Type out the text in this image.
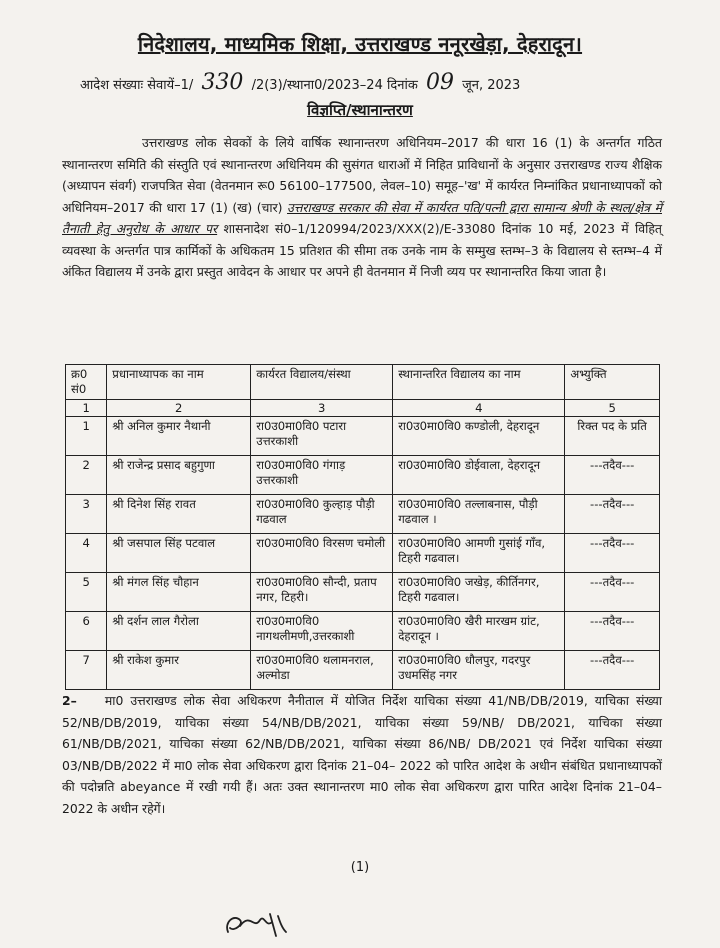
निदेशालय, माध्यमिक शिक्षा, उत्तराखण्ड ननूरखेड़ा, देहरादून।
आदेश संख्याः सेवायें–1/ 330 /2(3)/स्थाना0/2023–24 दिनांक 09 जून, 2023
विज्ञप्ति/स्थानान्तरण
उत्तराखण्ड लोक सेवकों के लिये वार्षिक स्थानान्तरण अधिनियम–2017 की धारा 16 (1) के अन्तर्गत गठित स्थानान्तरण समिति की संस्तुति एवं स्थानान्तरण अधिनियम की सुसंगत धाराओं में निहित प्राविधानों के अनुसार उत्तराखण्ड राज्य शैक्षिक (अध्यापन संवर्ग) राजपत्रित सेवा (वेतनमान रू0 56100–177500, लेवल–10) समूह–'ख' में कार्यरत निम्नांकित प्रधानाध्यापकों को अधिनियम–2017 की धारा 17 (1) (ख) (चार) उत्तराखण्ड सरकार की सेवा में कार्यरत पति/पत्नी द्वारा सामान्य श्रेणी के स्थल/क्षेत्र में तैनाती हेतु अनुरोध के आधार पर शासनादेश सं0–1/120994/2023/XXX(2)/E-33080 दिनांक 10 मई, 2023 में विहित् व्यवस्था के अन्तर्गत पात्र कार्मिकों के अधिकतम 15 प्रतिशत की सीमा तक उनके नाम के सम्मुख स्तम्भ–3 के विद्यालय से स्तम्भ–4 में अंकित विद्यालय में उनके द्वारा प्रस्तुत आवेदन के आधार पर अपने ही वेतनमान में निजी व्यय पर स्थानान्तरित किया जाता है।
क्र0 सं0	प्रधानाध्यापक का नाम	कार्यरत विद्यालय/संस्था	स्थानान्तरित विद्यालय का नाम	अभ्युक्ति
1	2	3	4	5
1	श्री अनिल कुमार नैथानी	रा0उ0मा0वि0 पटारा उत्तरकाशी	रा0उ0मा0वि0 कण्डोली, देहरादून	रिक्त पद के प्रति
2	श्री राजेन्द्र प्रसाद बहुगुणा	रा0उ0मा0वि0 गंगाड़ उत्तरकाशी	रा0उ0मा0वि0 डोईवाला, देहरादून	---तदैव---
3	श्री दिनेश सिंह रावत	रा0उ0मा0वि0 कुल्हाड़ पौड़ी गढवाल	रा0उ0मा0वि0 तल्लाबनास, पौड़ी गढवाल ।	---तदैव---
4	श्री जसपाल सिंह पटवाल	रा0उ0मा0वि0 विरसण चमोली	रा0उ0मा0वि0 आमणी गुसांई गाँव, टिहरी गढवाल।	---तदैव---
5	श्री मंगल सिंह चौहान	रा0उ0मा0वि0 सौन्दी, प्रताप नगर, टिहरी।	रा0उ0मा0वि0 जखेड़, कीर्तिनगर, टिहरी गढवाल।	---तदैव---
6	श्री दर्शन लाल गैरोला	रा0उ0मा0वि0 नागथलीमणी,उत्तरकाशी	रा0उ0मा0वि0 खैरी मारखम ग्रांट, देहरादून ।	---तदैव---
7	श्री राकेश कुमार	रा0उ0मा0वि0 थलामनराल, अल्मोडा	रा0उ0मा0वि0 धौलपुर, गदरपुर उधमसिंह नगर	---तदैव---
2– मा0 उत्तराखण्ड लोक सेवा अधिकरण नैनीताल में योजित निर्देश याचिका संख्या 41/NB/DB/2019, याचिका संख्या 52/NB/DB/2019, याचिका संख्या 54/NB/DB/2021, याचिका संख्या 59/NB/ DB/2021, याचिका संख्या 61/NB/DB/2021, याचिका संख्या 62/NB/DB/2021, याचिका संख्या 86/NB/ DB/2021 एवं निर्देश याचिका संख्या 03/NB/DB/2022 में मा0 लोक सेवा अधिकरण द्वारा दिनांक 21–04– 2022 को पारित आदेश के अधीन संबंधित प्रधानाध्यापकों की पदोन्नति abeyance में रखी गयी हैं। अतः उक्त स्थानान्तरण मा0 लोक सेवा अधिकरण द्वारा पारित आदेश दिनांक 21–04–2022 के अधीन रहेगें।
(1)
